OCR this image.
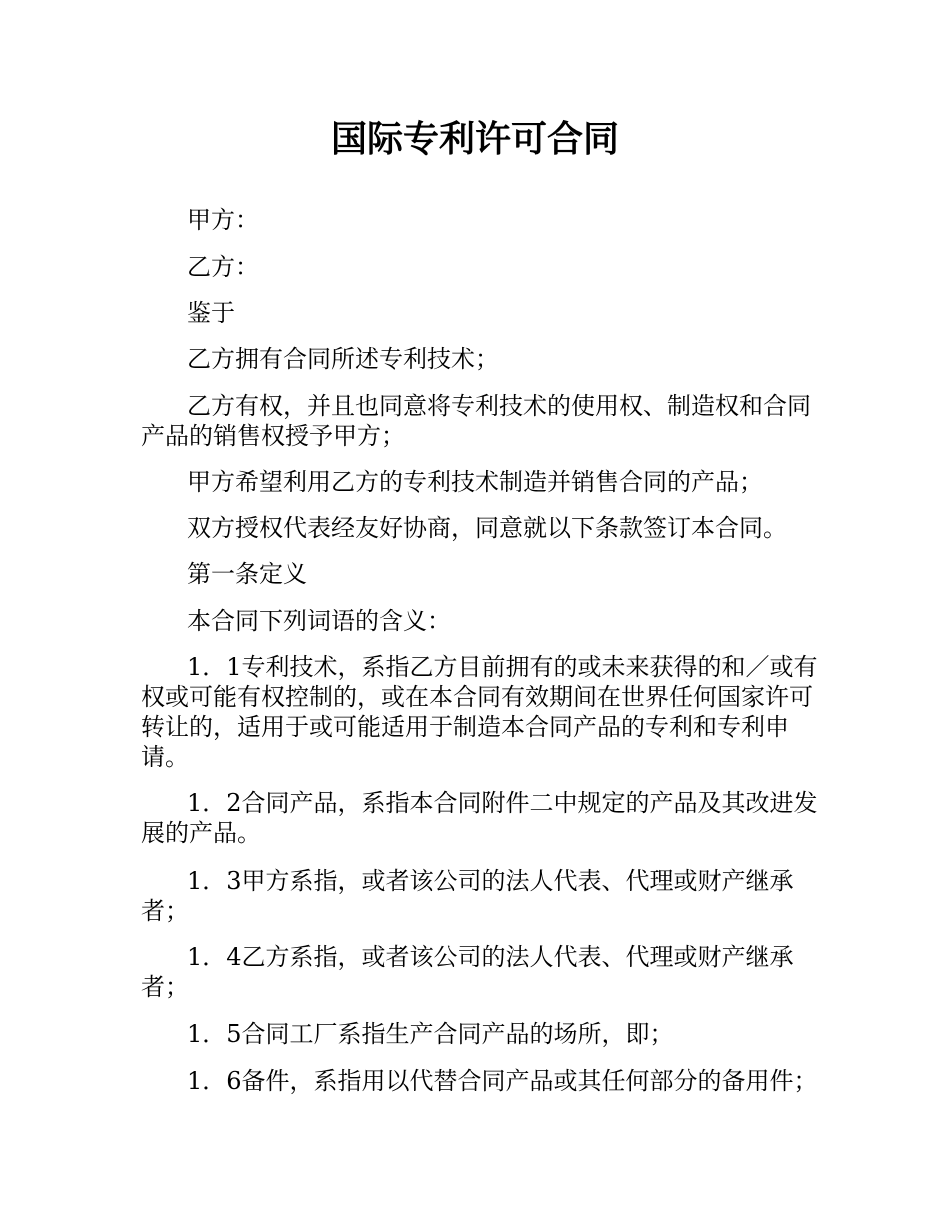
国际专利许可合同

甲方：

乙方：

鉴于

乙方拥有合同所述专利技术；

乙方有权，并且也同意将专利技术的使用权、制造权和合同产品的销售权授予甲方；

甲方希望利用乙方的专利技术制造并销售合同的产品；

双方授权代表经友好协商，同意就以下条款签订本合同。

第一条定义

本合同下列词语的含义：

1．1专利技术，系指乙方目前拥有的或未来获得的和／或有权或可能有权控制的，或在本合同有效期间在世界任何国家许可转让的，适用于或可能适用于制造本合同产品的专利和专利申请。

1．2合同产品，系指本合同附件二中规定的产品及其改进发展的产品。

1．3甲方系指，或者该公司的法人代表、代理或财产继承者；

1．4乙方系指，或者该公司的法人代表、代理或财产继承者；

1．5合同工厂系指生产合同产品的场所，即；

1．6备件，系指用以代替合同产品或其任何部分的备用件；
